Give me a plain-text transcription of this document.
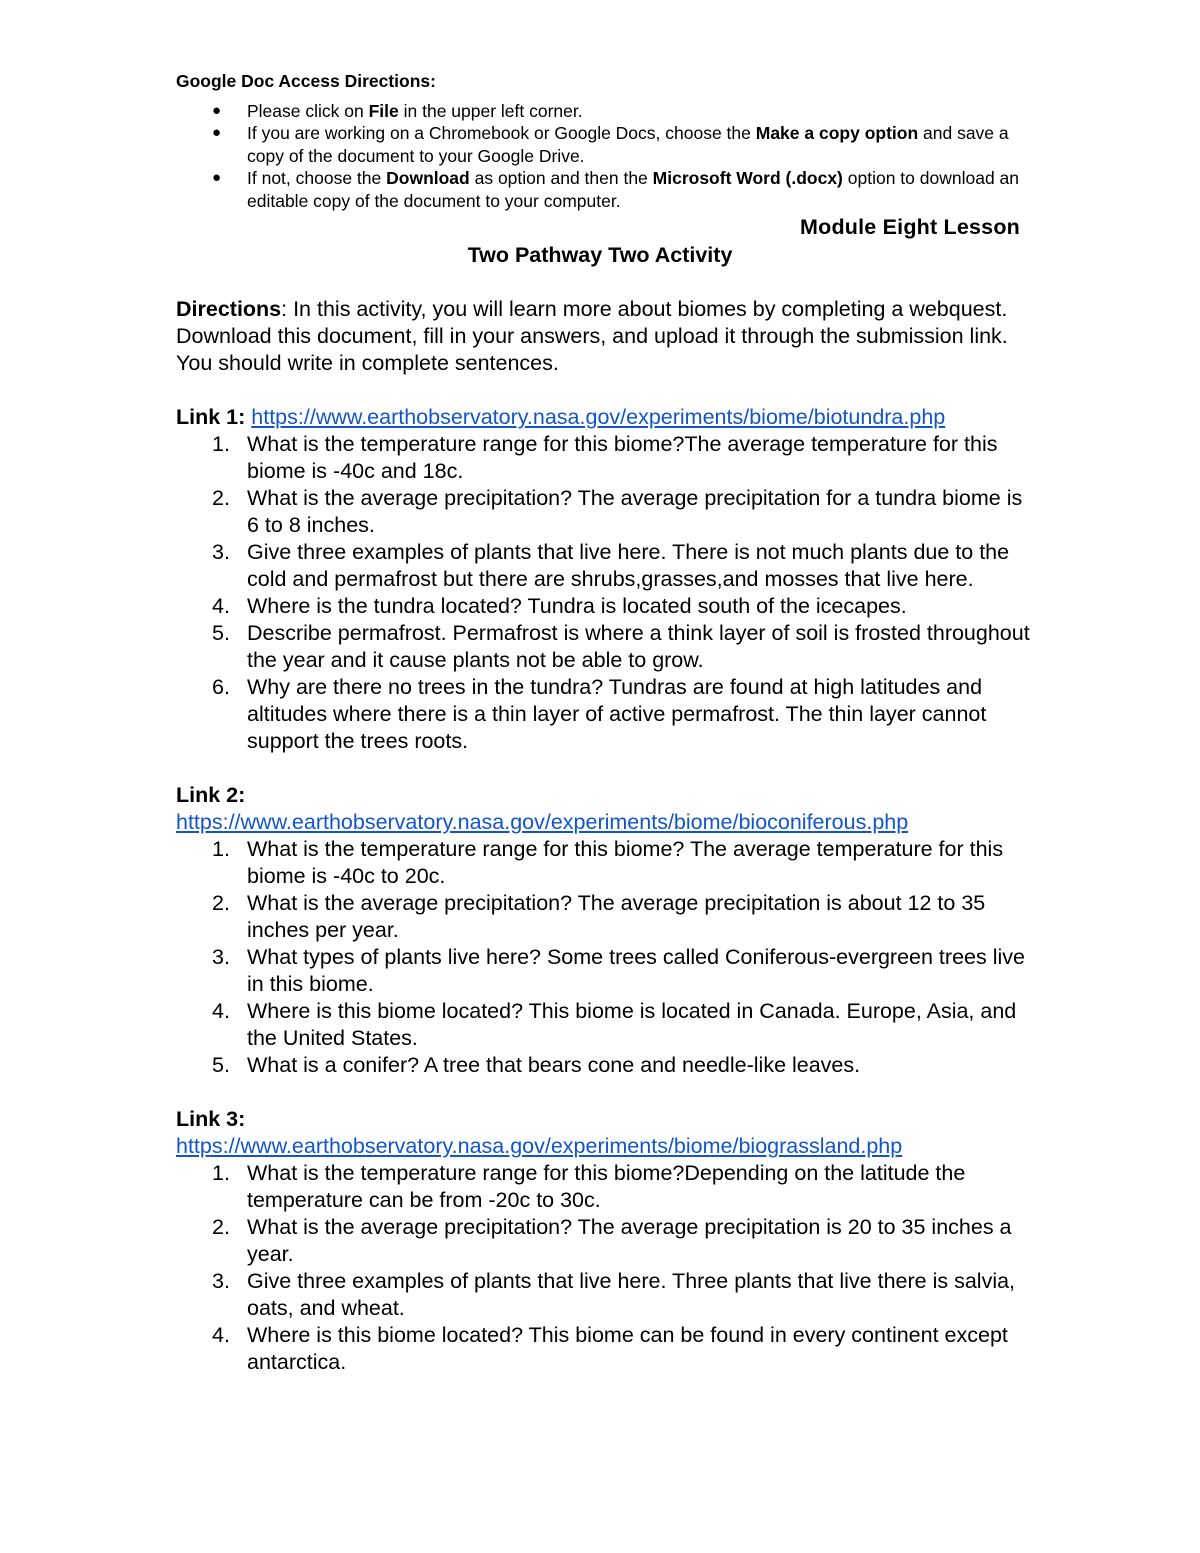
Google Doc Access Directions:
● Please click on File in the upper left corner.
● If you are working on a Chromebook or Google Docs, choose the Make a copy option and save a copy of the document to your Google Drive.
● If not, choose the Download as option and then the Microsoft Word (.docx) option to download an editable copy of the document to your computer.
Module Eight Lesson
Two Pathway Two Activity

Directions: In this activity, you will learn more about biomes by completing a webquest. Download this document, fill in your answers, and upload it through the submission link. You should write in complete sentences.

Link 1: https://www.earthobservatory.nasa.gov/experiments/biome/biotundra.php

1. What is the temperature range for this biome?The average temperature for this biome is -40c and 18c.
2. What is the average precipitation? The average precipitation for a tundra biome is 6 to 8 inches.
3. Give three examples of plants that live here. There is not much plants due to the cold and permafrost but there are shrubs,grasses,and mosses that live here.
4. Where is the tundra located? Tundra is located south of the icecapes.
5. Describe permafrost. Permafrost is where a think layer of soil is frosted throughout the year and it cause plants not be able to grow.
6. Why are there no trees in the tundra? Tundras are found at high latitudes and altitudes where there is a thin layer of active permafrost. The thin layer cannot support the trees roots.

Link 2:

https://www.earthobservatory.nasa.gov/experiments/biome/bioconiferous.php

1. What is the temperature range for this biome? The average temperature for this biome is -40c to 20c.
2. What is the average precipitation? The average precipitation is about 12 to 35 inches per year.
3. What types of plants live here? Some trees called Coniferous-evergreen trees live in this biome.
4. Where is this biome located? This biome is located in Canada. Europe, Asia, and the United States.
5. What is a conifer? A tree that bears cone and needle-like leaves.

Link 3:

https://www.earthobservatory.nasa.gov/experiments/biome/biograssland.php

1. What is the temperature range for this biome?Depending on the latitude the temperature can be from -20c to 30c.
2. What is the average precipitation? The average precipitation is 20 to 35 inches a year.
3. Give three examples of plants that live here. Three plants that live there is salvia, oats, and wheat.
4. Where is this biome located? This biome can be found in every continent except antarctica.
